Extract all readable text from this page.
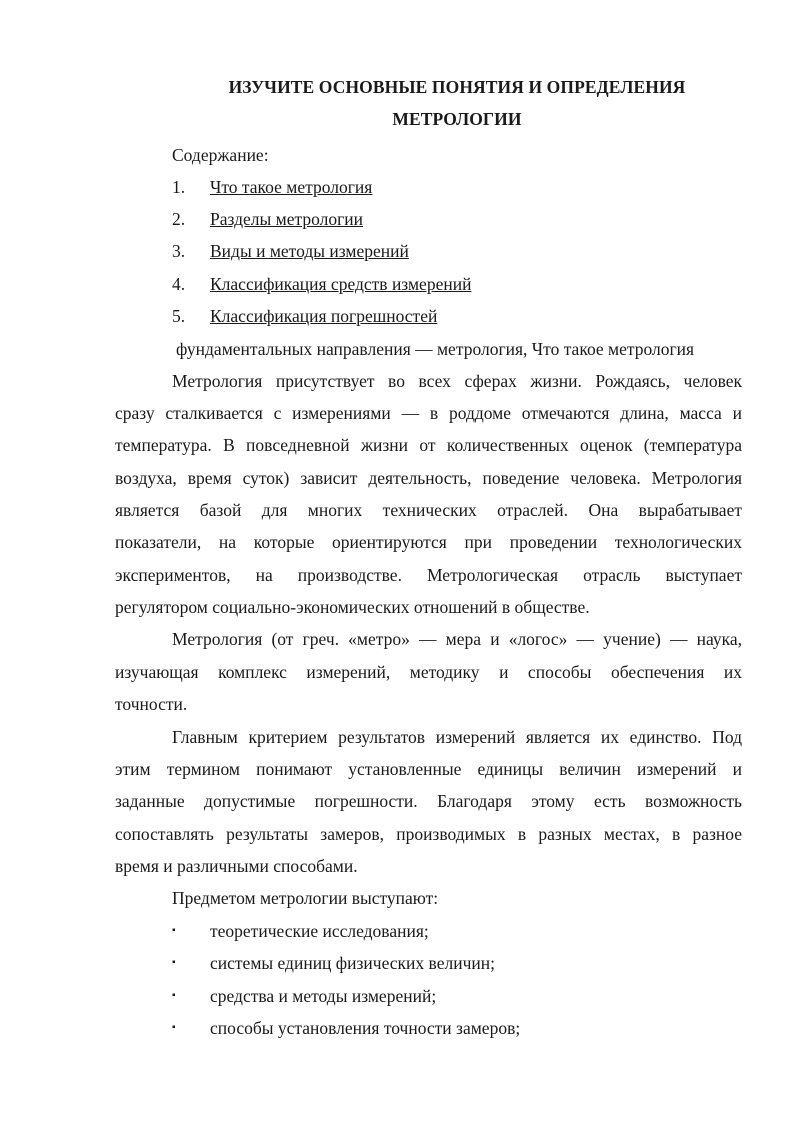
ИЗУЧИТЕ ОСНОВНЫЕ ПОНЯТИЯ И ОПРЕДЕЛЕНИЯ
МЕТРОЛОГИИ
Содержание:
1. Что такое метрология
2. Разделы метрологии
3. Виды и методы измерений
4. Классификация средств измерений
5. Классификация погрешностей
фундаментальных направления — метрология, Что такое метрология
Метрология присутствует во всех сферах жизни. Рождаясь, человек
сразу сталкивается с измерениями — в роддоме отмечаются длина, масса и
температура. В повседневной жизни от количественных оценок (температура
воздуха, время суток) зависит деятельность, поведение человека. Метрология
является базой для многих технических отраслей. Она вырабатывает
показатели, на которые ориентируются при проведении технологических
экспериментов, на производстве. Метрологическая отрасль выступает
регулятором социально-экономических отношений в обществе.
Метрология (от греч. «метро» — мера и «логос» — учение) — наука,
изучающая комплекс измерений, методику и способы обеспечения их
точности.
Главным критерием результатов измерений является их единство. Под
этим термином понимают установленные единицы величин измерений и
заданные допустимые погрешности. Благодаря этому есть возможность
сопоставлять результаты замеров, производимых в разных местах, в разное
время и различными способами.
Предметом метрологии выступают:
▪ теоретические исследования;
▪ системы единиц физических величин;
▪ средства и методы измерений;
▪ способы установления точности замеров;
